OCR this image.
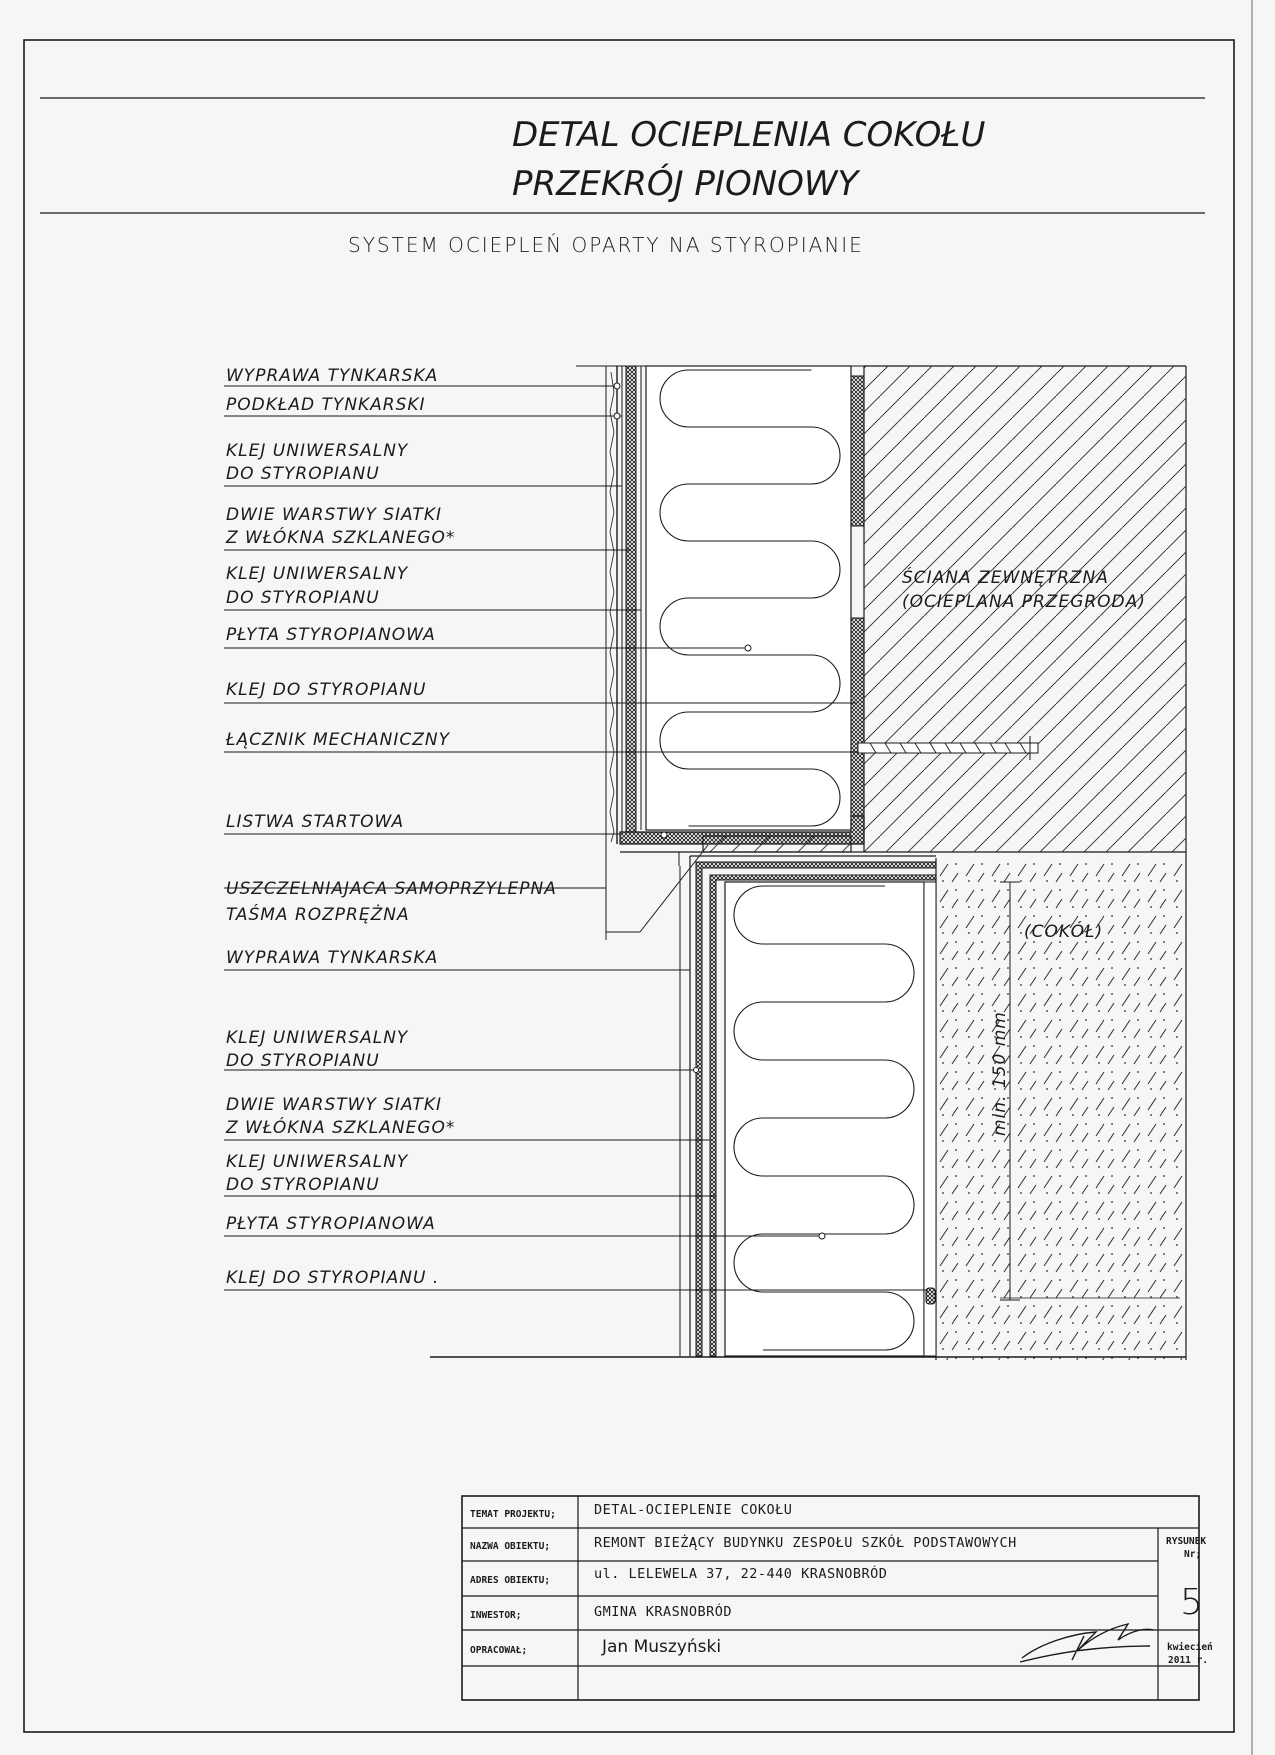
DETAL OCIEPLENIA COKOŁU
PRZEKRÓJ PIONOWY
SYSTEM OCIEPLEŃ OPARTY NA STYROPIANIE
min. 150 mm
(COKÓŁ)
ŚCIANA ZEWNĘTRZNA
(OCIEPLANA PRZEGRODA)
WYPRAWA TYNKARSKA
PODKŁAD TYNKARSKI
KLEJ UNIWERSALNY
DO STYROPIANU
DWIE WARSTWY SIATKI
Z WŁÓKNA SZKLANEGO*
KLEJ UNIWERSALNY
DO STYROPIANU
PŁYTA STYROPIANOWA
KLEJ DO STYROPIANU
ŁĄCZNIK MECHANICZNY
LISTWA STARTOWA
USZCZELNIAJACA SAMOPRZYLEPNA
TAŚMA ROZPRĘŻNA
WYPRAWA TYNKARSKA
KLEJ UNIWERSALNY
DO STYROPIANU
DWIE WARSTWY SIATKI
Z WŁÓKNA SZKLANEGO*
KLEJ UNIWERSALNY
DO STYROPIANU
PŁYTA STYROPIANOWA
KLEJ DO STYROPIANU .
TEMAT PROJEKTU;
NAZWA OBIEKTU;
ADRES OBIEKTU;
INWESTOR;
OPRACOWAŁ;
DETAL-OCIEPLENIE COKOŁU
REMONT BIEŻĄCY BUDYNKU ZESPOŁU SZKÓŁ PODSTAWOWYCH
ul. LELEWELA 37, 22-440 KRASNOBRÓD
GMINA KRASNOBRÓD
Jan Muszyński
RYSUNEK
Nr;
5
kwiecień
2011 r.
